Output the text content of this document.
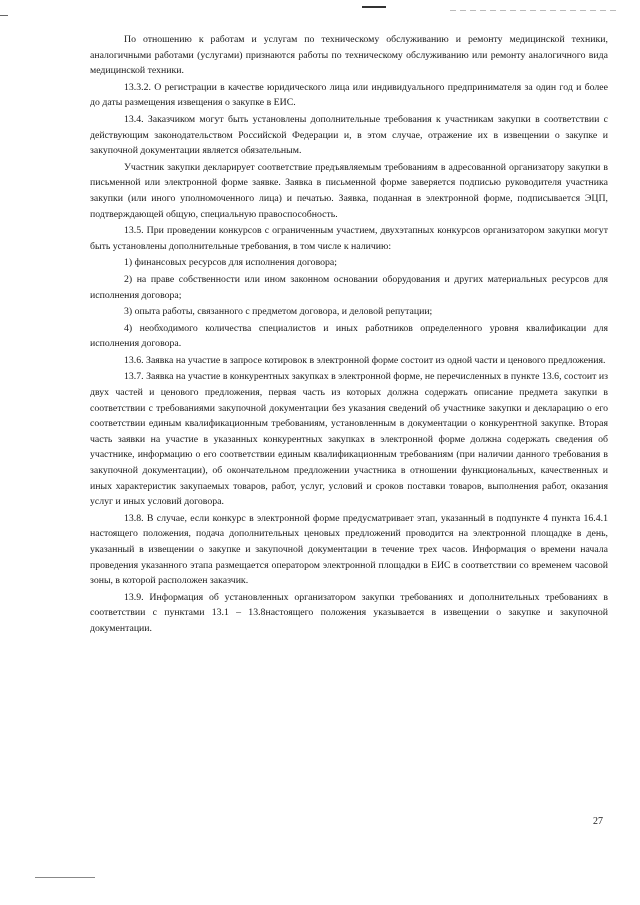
По отношению к работам и услугам по техническому обслуживанию и ремонту медицинской техники, аналогичными работами (услугами) признаются работы по техническому обслуживанию или ремонту аналогичного вида медицинской техники.

13.3.2. О регистрации в качестве юридического лица или индивидуального предпринимателя за один год и более до даты размещения извещения о закупке в ЕИС.

13.4. Заказчиком могут быть установлены дополнительные требования к участникам закупки в соответствии с действующим законодательством Российской Федерации и, в этом случае, отражение их в извещении о закупке и закупочной документации является обязательным.

Участник закупки декларирует соответствие предъявляемым требованиям в адресованной организатору закупки в письменной или электронной форме заявке. Заявка в письменной форме заверяется подписью руководителя участника закупки (или иного уполномоченного лица) и печатью. Заявка, поданная в электронной форме, подписывается ЭЦП, подтверждающей общую, специальную правоспособность.

13.5. При проведении конкурсов с ограниченным участием, двухэтапных конкурсов организатором закупки могут быть установлены дополнительные требования, в том числе к наличию:

1) финансовых ресурсов для исполнения договора;

2) на праве собственности или ином законном основании оборудования и других материальных ресурсов для исполнения договора;

3) опыта работы, связанного с предметом договора, и деловой репутации;

4) необходимого количества специалистов и иных работников определенного уровня квалификации для исполнения договора.

13.6. Заявка на участие в запросе котировок в электронной форме состоит из одной части и ценового предложения.

13.7. Заявка на участие в конкурентных закупках в электронной форме, не перечисленных в пункте 13.6, состоит из двух частей и ценового предложения, первая часть из которых должна содержать описание предмета закупки в соответствии с требованиями закупочной документации без указания сведений об участнике закупки и декларацию о его соответствии единым квалификационным требованиям, установленным в документации о конкурентной закупке. Вторая часть заявки на участие в указанных конкурентных закупках в электронной форме должна содержать сведения об участнике, информацию о его соответствии единым квалификационным требованиям (при наличии данного требования в закупочной документации), об окончательном предложении участника в отношении функциональных, качественных и иных характеристик закупаемых товаров, работ, услуг, условий и сроков поставки товаров, выполнения работ, оказания услуг и иных условий договора.

13.8. В случае, если конкурс в электронной форме предусматривает этап, указанный в подпункте 4 пункта 16.4.1 настоящего положения, подача дополнительных ценовых предложений проводится на электронной площадке в день, указанный в извещении о закупке и закупочной документации в течение трех часов. Информация о времени начала проведения указанного этапа размещается оператором электронной площадки в ЕИС в соответствии со временем часовой зоны, в которой расположен заказчик.

13.9. Информация об установленных организатором закупки требованиях и дополнительных требованиях в соответствии с пунктами 13.1 – 13.8настоящего положения указывается в извещении о закупке и закупочной документации.

27
